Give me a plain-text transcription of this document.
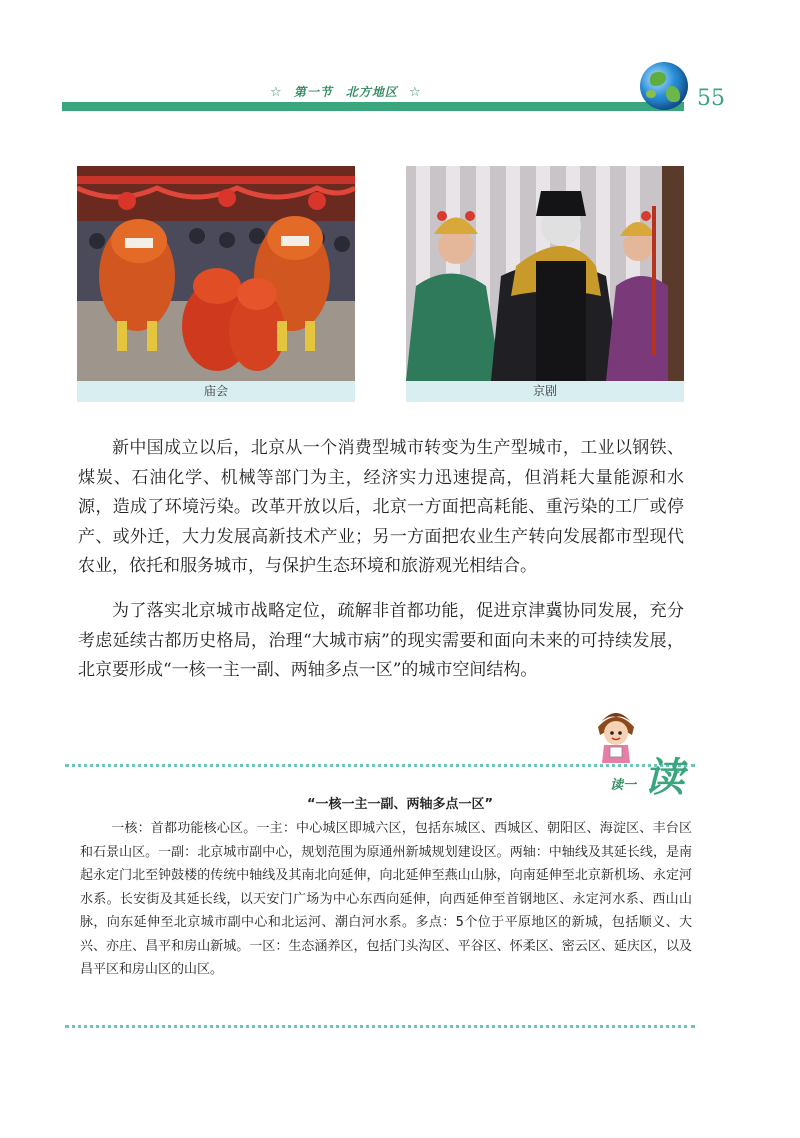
☆ 第一节　北方地区 ☆	55
庙会	京剧

新中国成立以后，北京从一个消费型城市转变为生产型城市，工业以钢铁、煤炭、石油化学、机械等部门为主，经济实力迅速提高，但消耗大量能源和水源，造成了环境污染。改革开放以后，北京一方面把高耗能、重污染的工厂或停产、或外迁，大力发展高新技术产业；另一方面把农业生产转向发展都市型现代农业，依托和服务城市，与保护生态环境和旅游观光相结合。

为了落实北京城市战略定位，疏解非首都功能，促进京津冀协同发展，充分考虑延续古都历史格局，治理“大城市病”的现实需要和面向未来的可持续发展，北京要形成“一核一主一副、两轴多点一区”的城市空间结构。

读一 读
“一核一主一副、两轴多点一区”

一核：首都功能核心区。一主：中心城区即城六区，包括东城区、西城区、朝阳区、海淀区、丰台区和石景山区。一副：北京城市副中心，规划范围为原通州新城规划建设区。两轴：中轴线及其延长线，是南起永定门北至钟鼓楼的传统中轴线及其南北向延伸，向北延伸至燕山山脉，向南延伸至北京新机场、永定河水系。长安街及其延长线，以天安门广场为中心东西向延伸，向西延伸至首钢地区、永定河水系、西山山脉，向东延伸至北京城市副中心和北运河、潮白河水系。多点：5个位于平原地区的新城，包括顺义、大兴、亦庄、昌平和房山新城。一区：生态涵养区，包括门头沟区、平谷区、怀柔区、密云区、延庆区，以及昌平区和房山区的山区。
